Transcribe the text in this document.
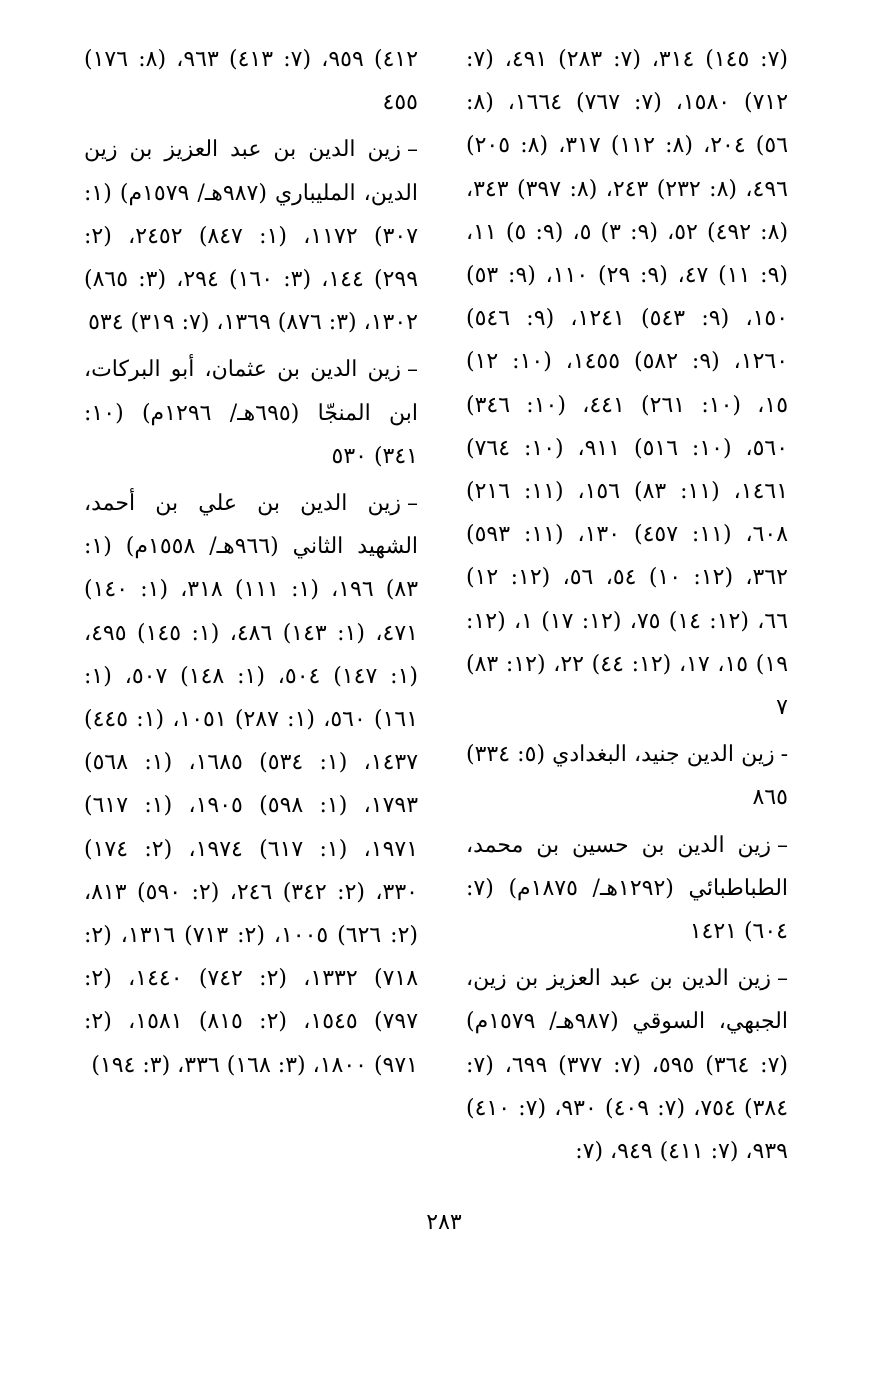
(٧: ١٤٥) ٣١٤، (٧: ٢٨٣) ٤٩١، (٧: ٧١٢) ١٥٨٠، (٧: ٧٦٧) ١٦٦٤، (٨: ٥٦) ٢٠٤، (٨: ١١٢) ٣١٧، (٨: ٢٠٥) ٤٩٦، (٨: ٢٣٢) ٢٤٣، (٨: ٣٩٧) ٣٤٣، (٨: ٤٩٢) ٥٢، (٩: ٣) ٥، (٩: ٥) ١١، (٩: ١١) ٤٧، (٩: ٢٩) ١١٠، (٩: ٥٣) ١٥٠، (٩: ٥٤٣) ١٢٤١، (٩: ٥٤٦) ١٢٦٠، (٩: ٥٨٢) ١٤٥٥، (١٠: ١٢) ١٥، (١٠: ٢٦١) ٤٤١، (١٠: ٣٤٦) ٥٦٠، (١٠: ٥١٦) ٩١١، (١٠: ٧٦٤) ١٤٦١، (١١: ٨٣) ١٥٦، (١١: ٢١٦) ٦٠٨، (١١: ٤٥٧) ١٣٠، (١١: ٥٩٣) ٣٦٢، (١٢: ١٠) ٥٤، ٥٦، (١٢: ١٢) ٦٦، (١٢: ١٤) ٧٥، (١٢: ١٧) ١، (١٢: ١٩) ١٥، ١٧، (١٢: ٤٤) ٢٢، (١٢: ٨٣) ٧
-زين الدين جنيد، البغدادي (٥: ٣٣٤) ٨٦٥
–زين الدين بن حسين بن محمد، الطباطبائي (١٢٩٢هـ/ ١٨٧٥م) (٧: ٦٠٤) ١٤٢١
–زين الدين بن عبد العزيز بن زين، الجبهي، السوقي (٩٨٧هـ/ ١٥٧٩م) (٧: ٣٦٤) ٥٩٥، (٧: ٣٧٧) ٦٩٩، (٧: ٣٨٤) ٧٥٤، (٧: ٤٠٩) ٩٣٠، (٧: ٤١٠) ٩٣٩، (٧: ٤١١) ٩٤٩، (٧:
٤١٢) ٩٥٩، (٧: ٤١٣) ٩٦٣، (٨: ١٧٦) ٤٥٥
–زين الدين بن عبد العزيز بن زين الدين، المليباري (٩٨٧هـ/ ١٥٧٩م) (١: ٣٠٧) ١١٧٢، (١: ٨٤٧) ٢٤٥٢، (٢: ٢٩٩) ١٤٤، (٣: ١٦٠) ٢٩٤، (٣: ٨٦٥) ١٣٠٢، (٣: ٨٧٦) ١٣٦٩، (٧: ٣١٩) ٥٣٤
–زين الدين بن عثمان، أبو البركات، ابن المنجّا (٦٩٥هـ/ ١٢٩٦م) (١٠: ٣٤١) ٥٣٠
–زين الدين بن علي بن أحمد، الشهيد الثاني (٩٦٦هـ/ ١٥٥٨م) (١: ٨٣) ١٩٦، (١: ١١١) ٣١٨، (١: ١٤٠) ٤٧١، (١: ١٤٣) ٤٨٦، (١: ١٤٥) ٤٩٥، (١: ١٤٧) ٥٠٤، (١: ١٤٨) ٥٠٧، (١: ١٦١) ٥٦٠، (١: ٢٨٧) ١٠٥١، (١: ٤٤٥) ١٤٣٧، (١: ٥٣٤) ١٦٨٥، (١: ٥٦٨) ١٧٩٣، (١: ٥٩٨) ١٩٠٥، (١: ٦١٧) ١٩٧١، (١: ٦١٧) ١٩٧٤، (٢: ١٧٤) ٣٣٠، (٢: ٣٤٢) ٢٤٦، (٢: ٥٩٠) ٨١٣، (٢: ٦٢٦) ١٠٠٥، (٢: ٧١٣) ١٣١٦، (٢: ٧١٨) ١٣٣٢، (٢: ٧٤٢) ١٤٤٠، (٢: ٧٩٧) ١٥٤٥، (٢: ٨١٥) ١٥٨١، (٢: ٩٧١) ١٨٠٠، (٣: ١٦٨) ٣٣٦، (٣: ١٩٤)
٢٨٣
